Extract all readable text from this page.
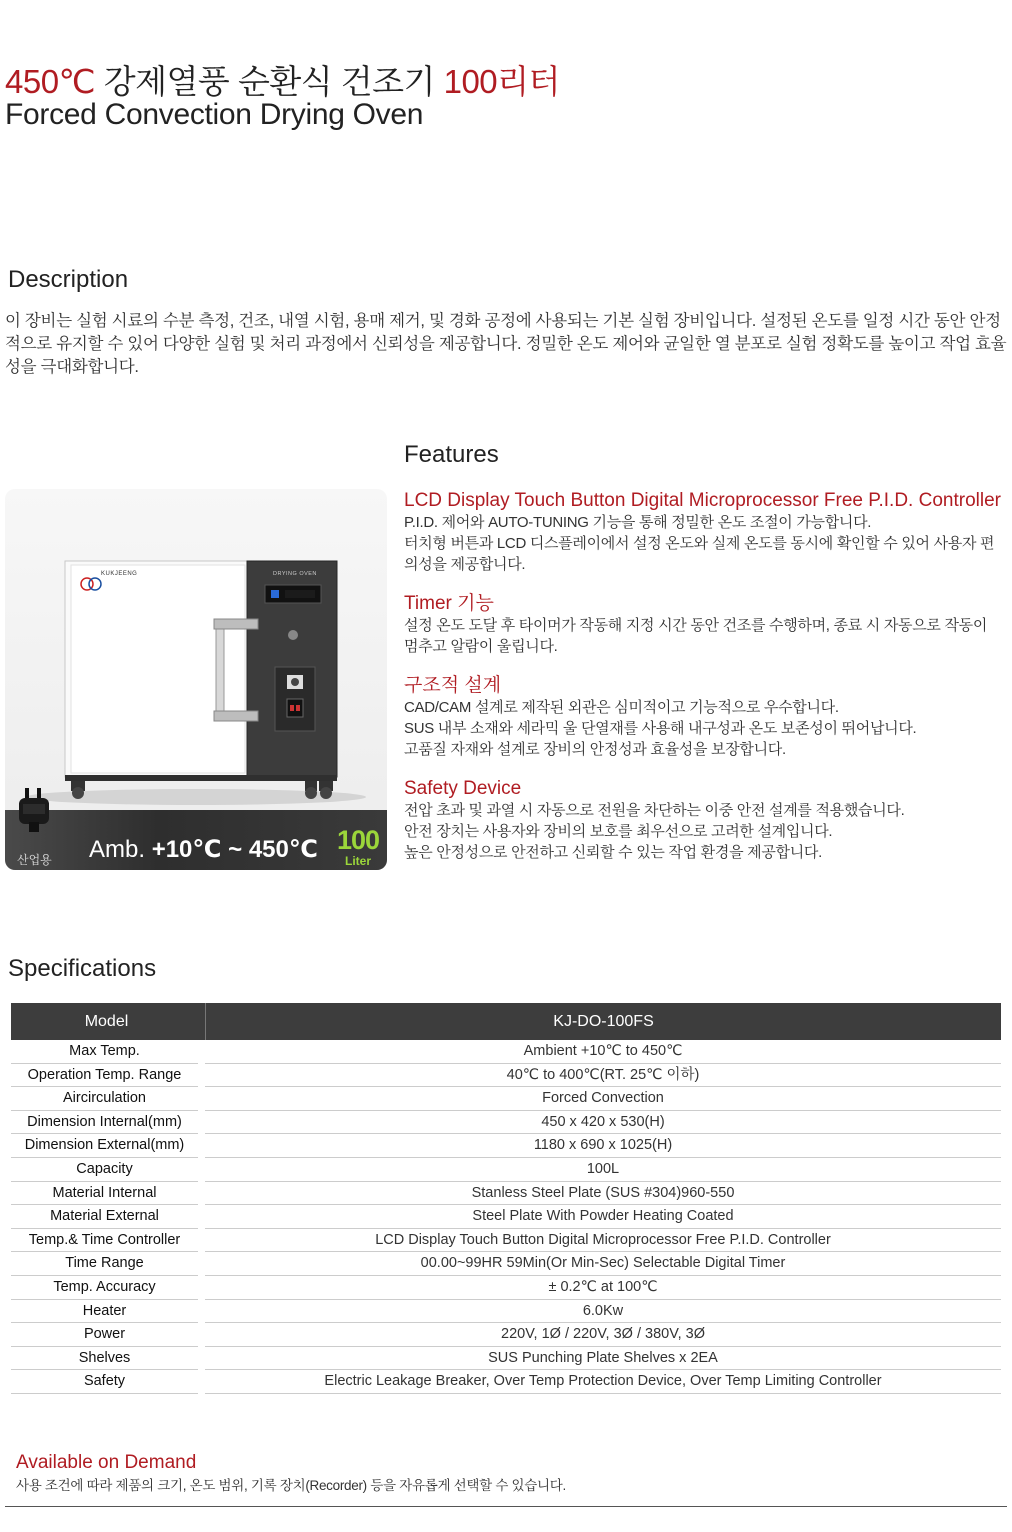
450℃ 강제열풍 순환식 건조기 100리터
Forced Convection Drying Oven
Description
이 장비는 실험 시료의 수분 측정, 건조, 내열 시험, 용매 제거, 및 경화 공정에 사용되는 기본 실험 장비입니다. 설정된 온도를 일정 시간 동안 안정적으로 유지할 수 있어 다양한 실험 및 처리 과정에서 신뢰성을 제공합니다. 정밀한 온도 제어와 균일한 열 분포로 실험 정확도를 높이고 작업 효율성을 극대화합니다.
Features
KUKJEENG	DRYING OVEN
산업용 Amb. +10℃ ~ 450℃ 100
Liter
LCD Display Touch Button Digital Microprocessor Free P.I.D. Controller
P.I.D. 제어와 AUTO-TUNING 기능을 통해 정밀한 온도 조절이 가능합니다.
터치형 버튼과 LCD 디스플레이에서 설정 온도와 실제 온도를 동시에 확인할 수 있어 사용자 편의성을 제공합니다.
Timer 기능
설정 온도 도달 후 타이머가 작동해 지정 시간 동안 건조를 수행하며, 종료 시 자동으로 작동이 멈추고 알람이 울립니다.
구조적 설계
CAD/CAM 설계로 제작된 외관은 심미적이고 기능적으로 우수합니다.
SUS 내부 소재와 세라믹 울 단열재를 사용해 내구성과 온도 보존성이 뛰어납니다.
고품질 자재와 설계로 장비의 안정성과 효율성을 보장합니다.
Safety Device
전압 초과 및 과열 시 자동으로 전원을 차단하는 이중 안전 설계를 적용했습니다.
안전 장치는 사용자와 장비의 보호를 최우선으로 고려한 설계입니다.
높은 안정성으로 안전하고 신뢰할 수 있는 작업 환경을 제공합니다.
Specifications
Model	KJ-DO-100FS
Max Temp.	Ambient +10℃ to 450℃
Operation Temp. Range	40℃ to 400℃(RT. 25℃ 이하)
Aircirculation	Forced Convection
Dimension Internal(mm)	450 x 420 x 530(H)
Dimension External(mm)	1180 x 690 x 1025(H)
Capacity	100L
Material Internal	Stanless Steel Plate (SUS #304)960-550
Material External	Steel Plate With Powder Heating Coated
Temp.& Time Controller	LCD Display Touch Button Digital Microprocessor Free P.I.D. Controller
Time Range	00.00~99HR 59Min(Or Min-Sec) Selectable Digital Timer
Temp. Accuracy	± 0.2℃ at 100℃
Heater	6.0Kw
Power	220V, 1Ø / 220V, 3Ø / 380V, 3Ø
Shelves	SUS Punching Plate Shelves x 2EA
Safety	Electric Leakage Breaker, Over Temp Protection Device, Over Temp Limiting Controller
Available on Demand
사용 조건에 따라 제품의 크기, 온도 범위, 기록 장치(Recorder) 등을 자유롭게 선택할 수 있습니다.
